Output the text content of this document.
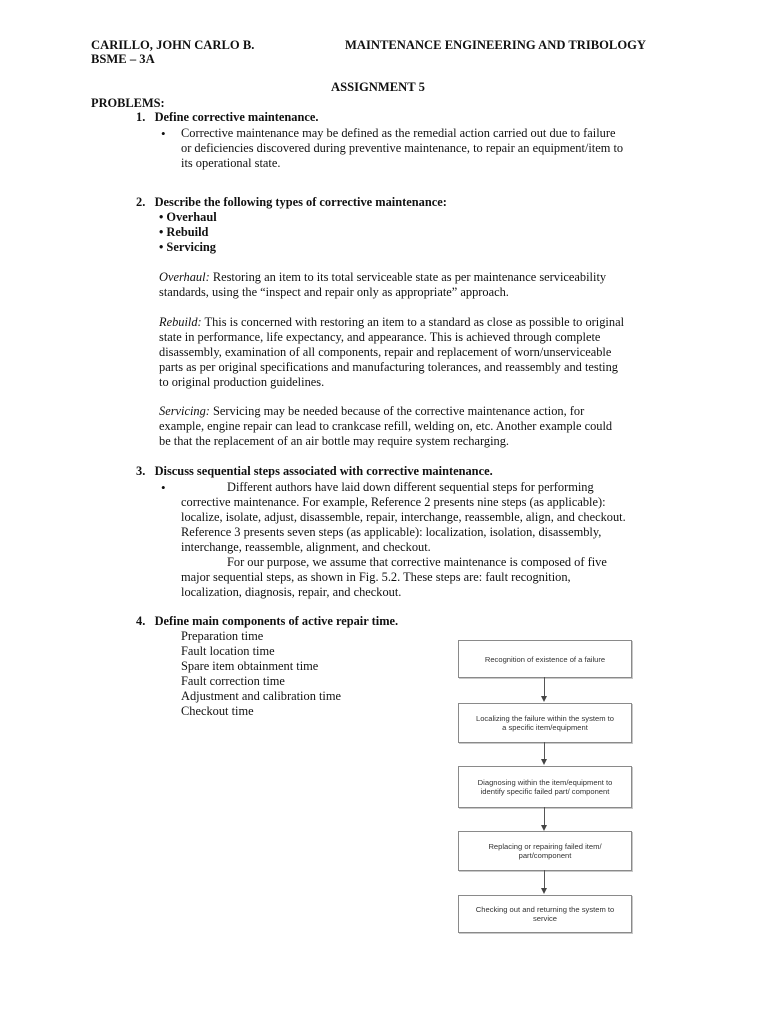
CARILLO, JOHN CARLO B.	MAINTENANCE ENGINEERING AND TRIBOLOGY
BSME – 3A
ASSIGNMENT 5
PROBLEMS:
1.   Define corrective maintenance.
• Corrective maintenance may be defined as the remedial action carried out due to failure
or deficiencies discovered during preventive maintenance, to repair an equipment/item to
its operational state.
2.   Describe the following types of corrective maintenance:
• Overhaul
• Rebuild
• Servicing
Overhaul: Restoring an item to its total serviceable state as per maintenance serviceability
standards, using the “inspect and repair only as appropriate” approach.
Rebuild: This is concerned with restoring an item to a standard as close as possible to original
state in performance, life expectancy, and appearance. This is achieved through complete
disassembly, examination of all components, repair and replacement of worn/unserviceable
parts as per original specifications and manufacturing tolerances, and reassembly and testing
to original production guidelines.
Servicing: Servicing may be needed because of the corrective maintenance action, for
example, engine repair can lead to crankcase refill, welding on, etc. Another example could
be that the replacement of an air bottle may require system recharging.
3.   Discuss sequential steps associated with corrective maintenance.
•	Different authors have laid down different sequential steps for performing
corrective maintenance. For example, Reference 2 presents nine steps (as applicable):
localize, isolate, adjust, disassemble, repair, interchange, reassemble, align, and checkout.
Reference 3 presents seven steps (as applicable): localization, isolation, disassembly,
interchange, reassemble, alignment, and checkout.
For our purpose, we assume that corrective maintenance is composed of five
major sequential steps, as shown in Fig. 5.2. These steps are: fault recognition,
localization, diagnosis, repair, and checkout.
4.   Define main components of active repair time.
Preparation time
Fault location time
Spare item obtainment time
Fault correction time
Adjustment and calibration time
Checkout time
Recognition of existence of a failure
Localizing the failure within the system to a specific item/equipment
Diagnosing within the item/equipment to identify specific failed part/ component
Replacing or repairing failed item/ part/component
Checking out and returning the system to service
